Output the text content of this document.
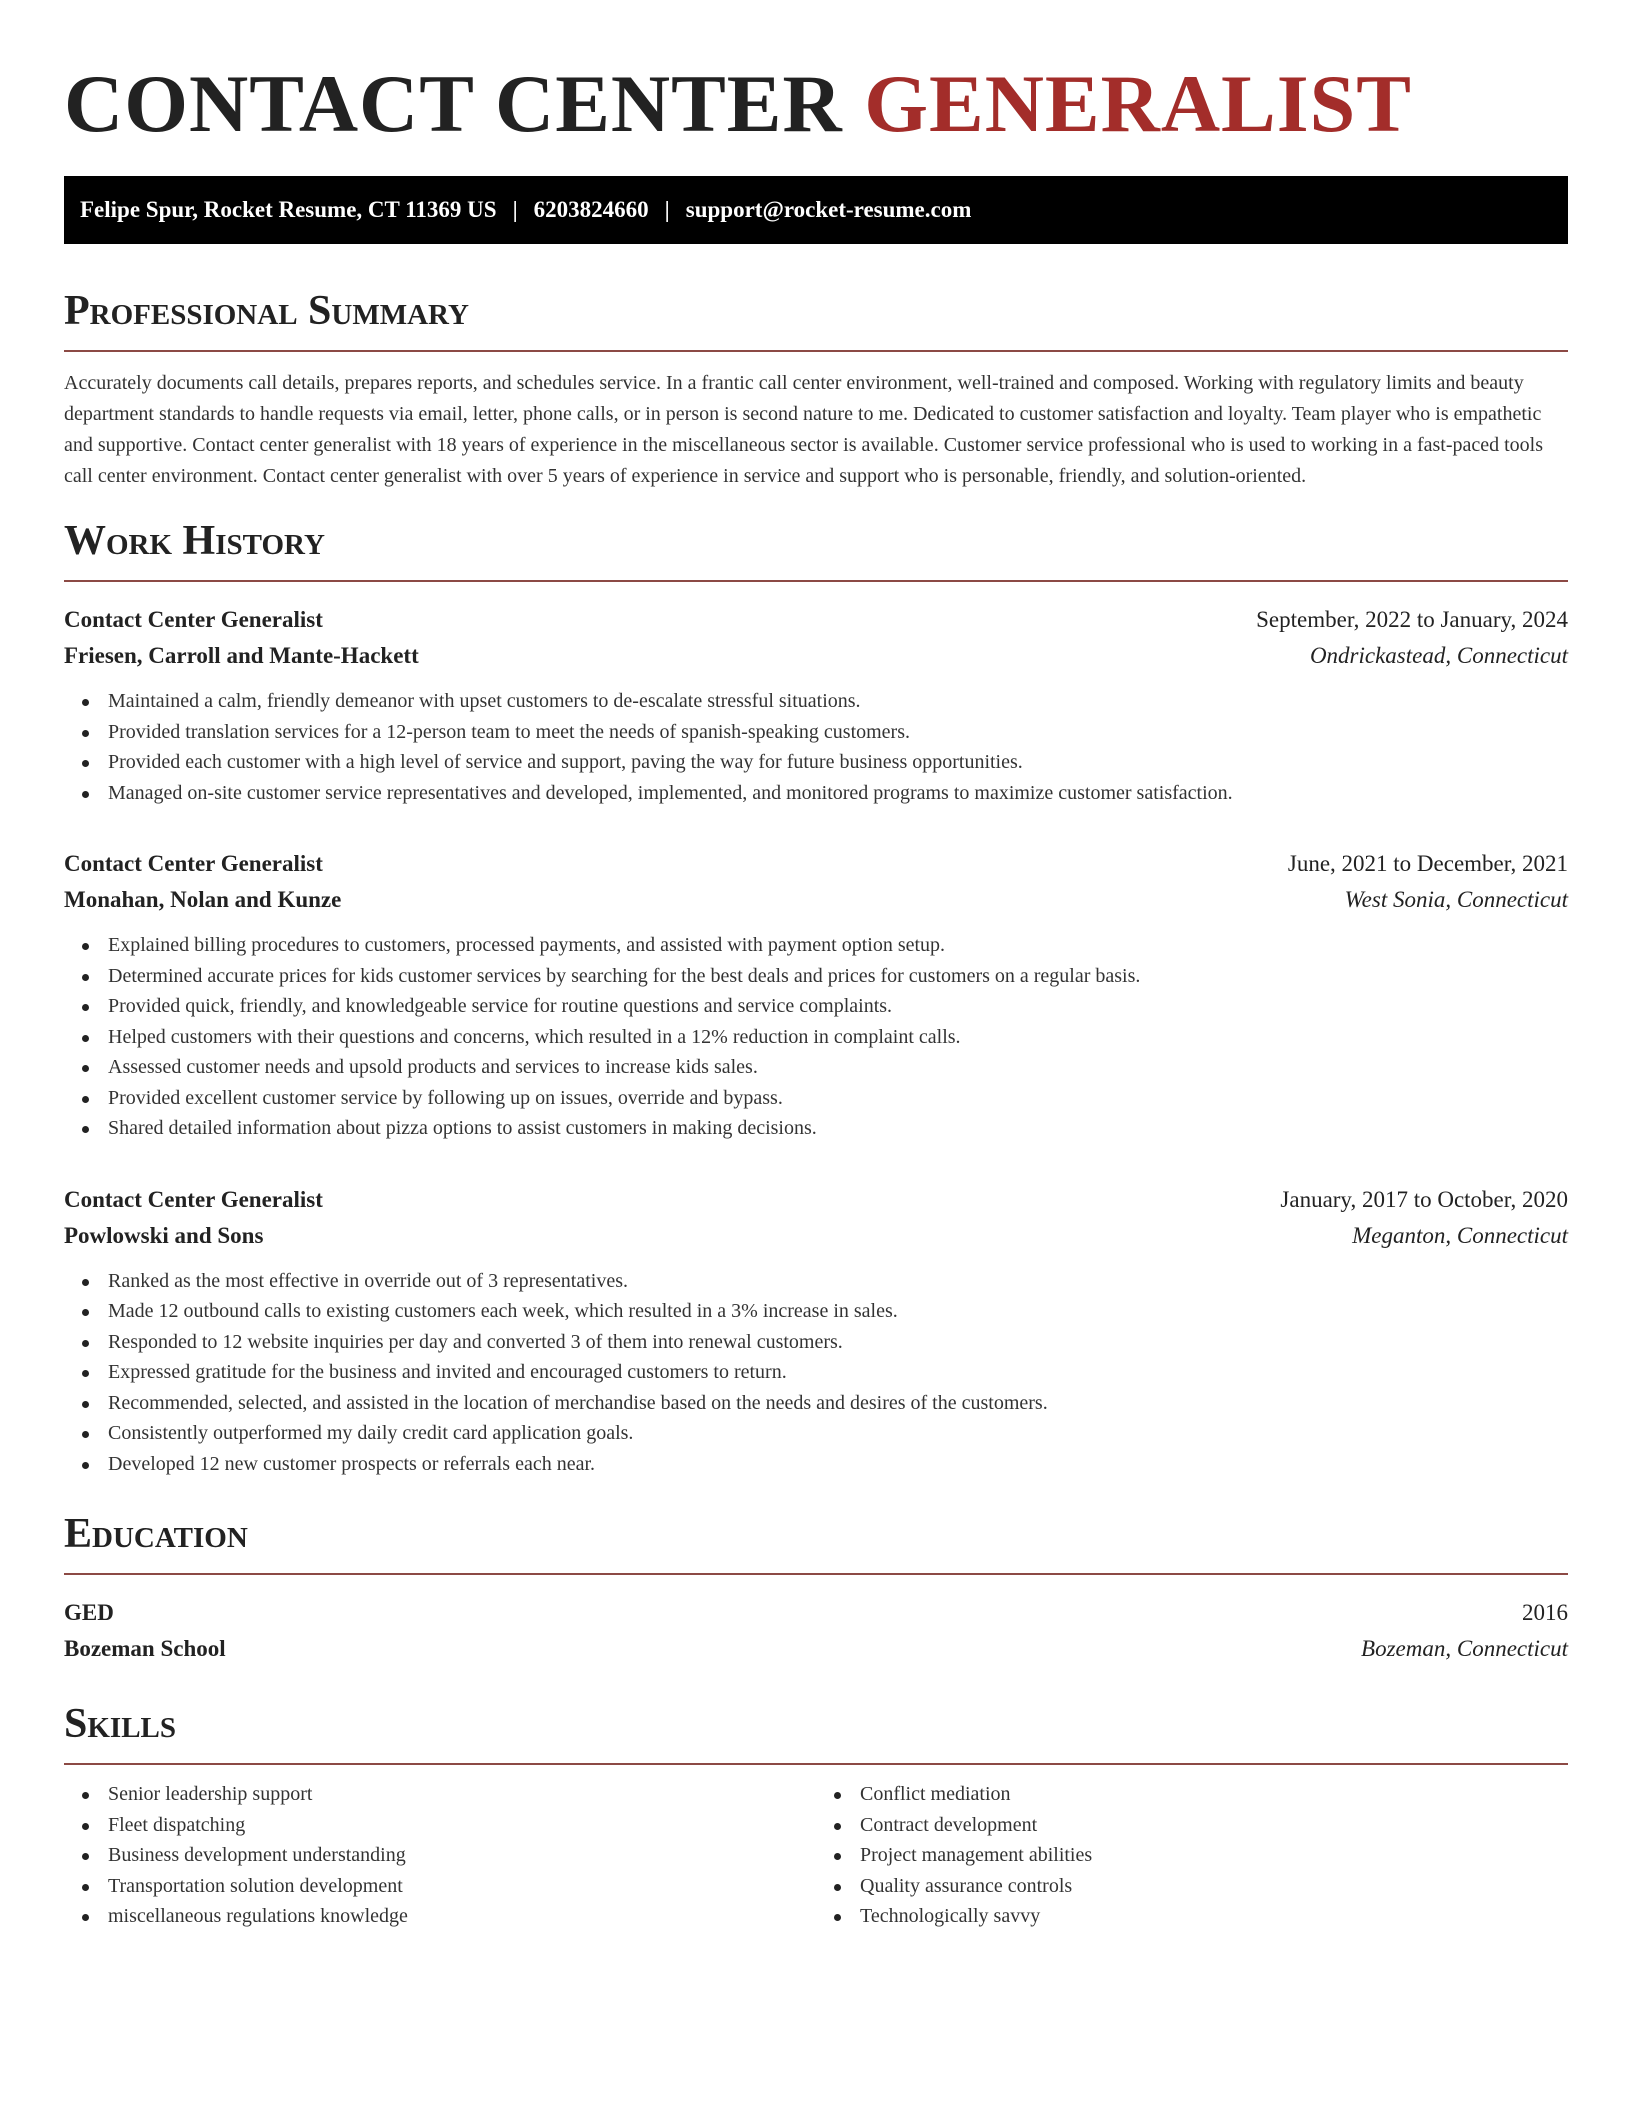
CONTACT CENTER GENERALIST
Felipe Spur, Rocket Resume, CT 11369 US | 6203824660 | support@rocket-resume.com
Professional Summary

Accurately documents call details, prepares reports, and schedules service. In a frantic call center environment, well-trained and composed. Working with regulatory limits and beauty department standards to handle requests via email, letter, phone calls, or in person is second nature to me. Dedicated to customer satisfaction and loyalty. Team player who is empathetic and supportive. Contact center generalist with 18 years of experience in the miscellaneous sector is available. Customer service professional who is used to working in a fast-paced tools call center environment. Contact center generalist with over 5 years of experience in service and support who is personable, friendly, and solution-oriented.

Work History
Contact Center Generalist	September, 2022 to January, 2024
Friesen, Carroll and Mante-Hackett	Ondrickastead, Connecticut
Maintained a calm, friendly demeanor with upset customers to de-escalate stressful situations.
Provided translation services for a 12-person team to meet the needs of spanish-speaking customers.
Provided each customer with a high level of service and support, paving the way for future business opportunities.
Managed on-site customer service representatives and developed, implemented, and monitored programs to maximize customer satisfaction.
Contact Center Generalist	June, 2021 to December, 2021
Monahan, Nolan and Kunze	West Sonia, Connecticut
Explained billing procedures to customers, processed payments, and assisted with payment option setup.
Determined accurate prices for kids customer services by searching for the best deals and prices for customers on a regular basis.
Provided quick, friendly, and knowledgeable service for routine questions and service complaints.
Helped customers with their questions and concerns, which resulted in a 12% reduction in complaint calls.
Assessed customer needs and upsold products and services to increase kids sales.
Provided excellent customer service by following up on issues, override and bypass.
Shared detailed information about pizza options to assist customers in making decisions.
Contact Center Generalist	January, 2017 to October, 2020
Powlowski and Sons	Meganton, Connecticut
Ranked as the most effective in override out of 3 representatives.
Made 12 outbound calls to existing customers each week, which resulted in a 3% increase in sales.
Responded to 12 website inquiries per day and converted 3 of them into renewal customers.
Expressed gratitude for the business and invited and encouraged customers to return.
Recommended, selected, and assisted in the location of merchandise based on the needs and desires of the customers.
Consistently outperformed my daily credit card application goals.
Developed 12 new customer prospects or referrals each near.
Education
GED	2016
Bozeman School	Bozeman, Connecticut
Skills
Senior leadership support
Fleet dispatching
Business development understanding
Transportation solution development
miscellaneous regulations knowledge
Conflict mediation
Contract development
Project management abilities
Quality assurance controls
Technologically savvy
